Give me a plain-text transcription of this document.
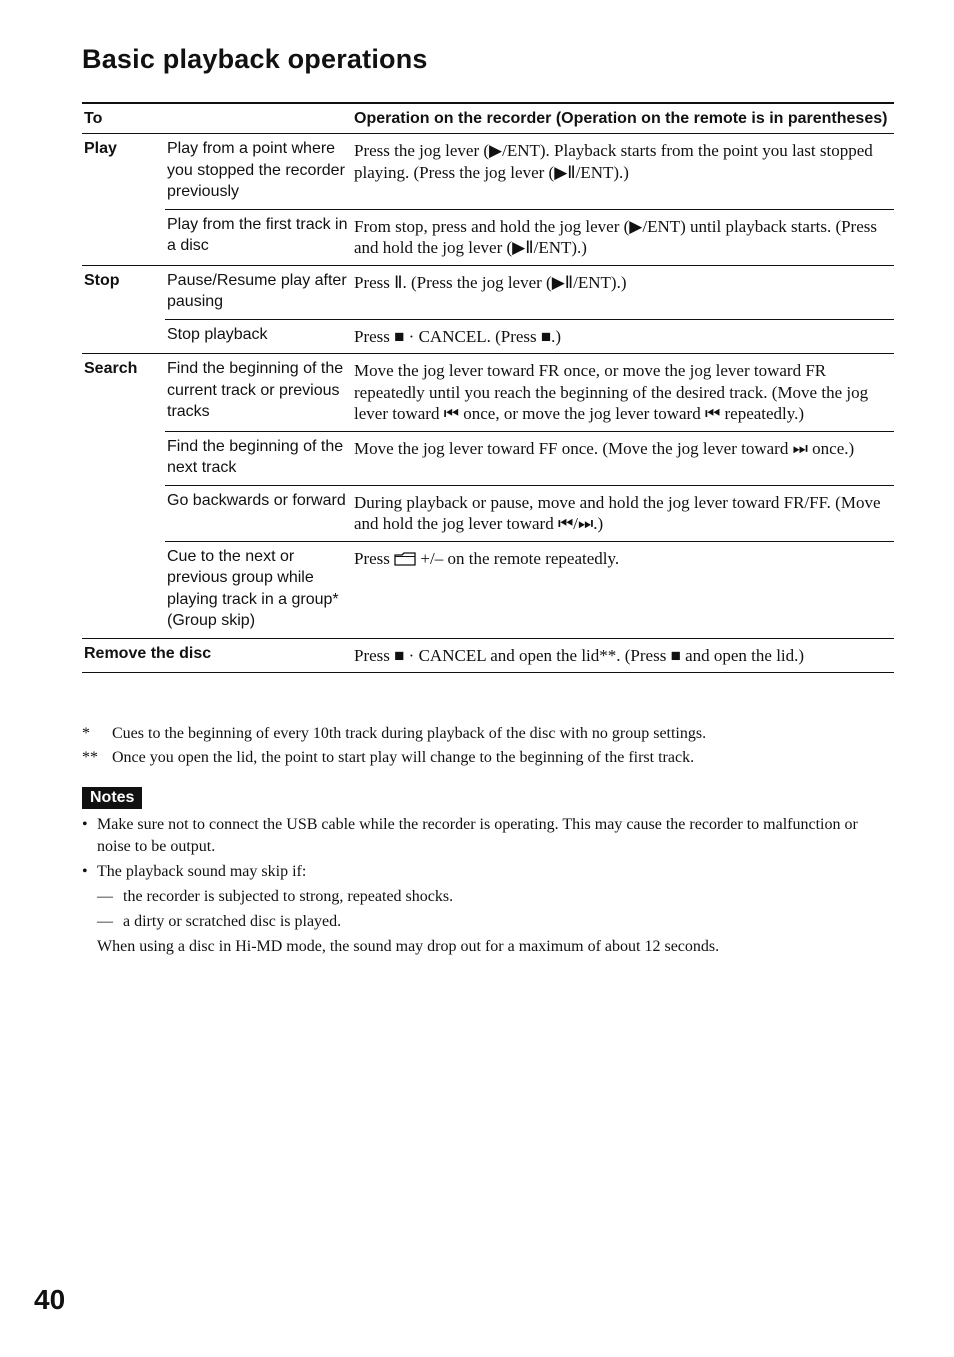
Basic playback operations
To		Operation on the recorder (Operation on the remote is in parentheses)
Play	Play from a point where you stopped the recorder previously	Press the jog lever (▶/ENT). Playback starts from the point you last stopped playing. (Press the jog lever (▶Ⅱ/ENT).)
	Play from the first track in a disc	From stop, press and hold the jog lever (▶/ENT) until playback starts. (Press and hold the jog lever (▶Ⅱ/ENT).)
Stop	Pause/Resume play after pausing	Press Ⅱ. (Press the jog lever (▶Ⅱ/ENT).)
	Stop playback	Press ■ · CANCEL. (Press ■.)
Search	Find the beginning of the current track or previous tracks	Move the jog lever toward FR once, or move the jog lever toward FR repeatedly until you reach the beginning of the desired track. (Move the jog lever toward ⏮ once, or move the jog lever toward ⏮ repeatedly.)
	Find the beginning of the next track	Move the jog lever toward FF once. (Move the jog lever toward ⏭ once.)
	Go backwards or forward	During playback or pause, move and hold the jog lever toward FR/FF. (Move and hold the jog lever toward ⏮/⏭.)
	Cue to the next or previous group while playing track in a group* (Group skip)	Press +/– on the remote repeatedly.
Remove the disc		Press ■ · CANCEL and open the lid**. (Press ■ and open the lid.)
*	Cues to the beginning of every 10th track during playback of the disc with no group settings.
** Once you open the lid, the point to start play will change to the beginning of the first track.
Notes
• Make sure not to connect the USB cable while the recorder is operating. This may cause the recorder to malfunction or noise to be output.
• The playback sound may skip if:
— the recorder is subjected to strong, repeated shocks.
— a dirty or scratched disc is played.
When using a disc in Hi-MD mode, the sound may drop out for a maximum of about 12 seconds.
40
